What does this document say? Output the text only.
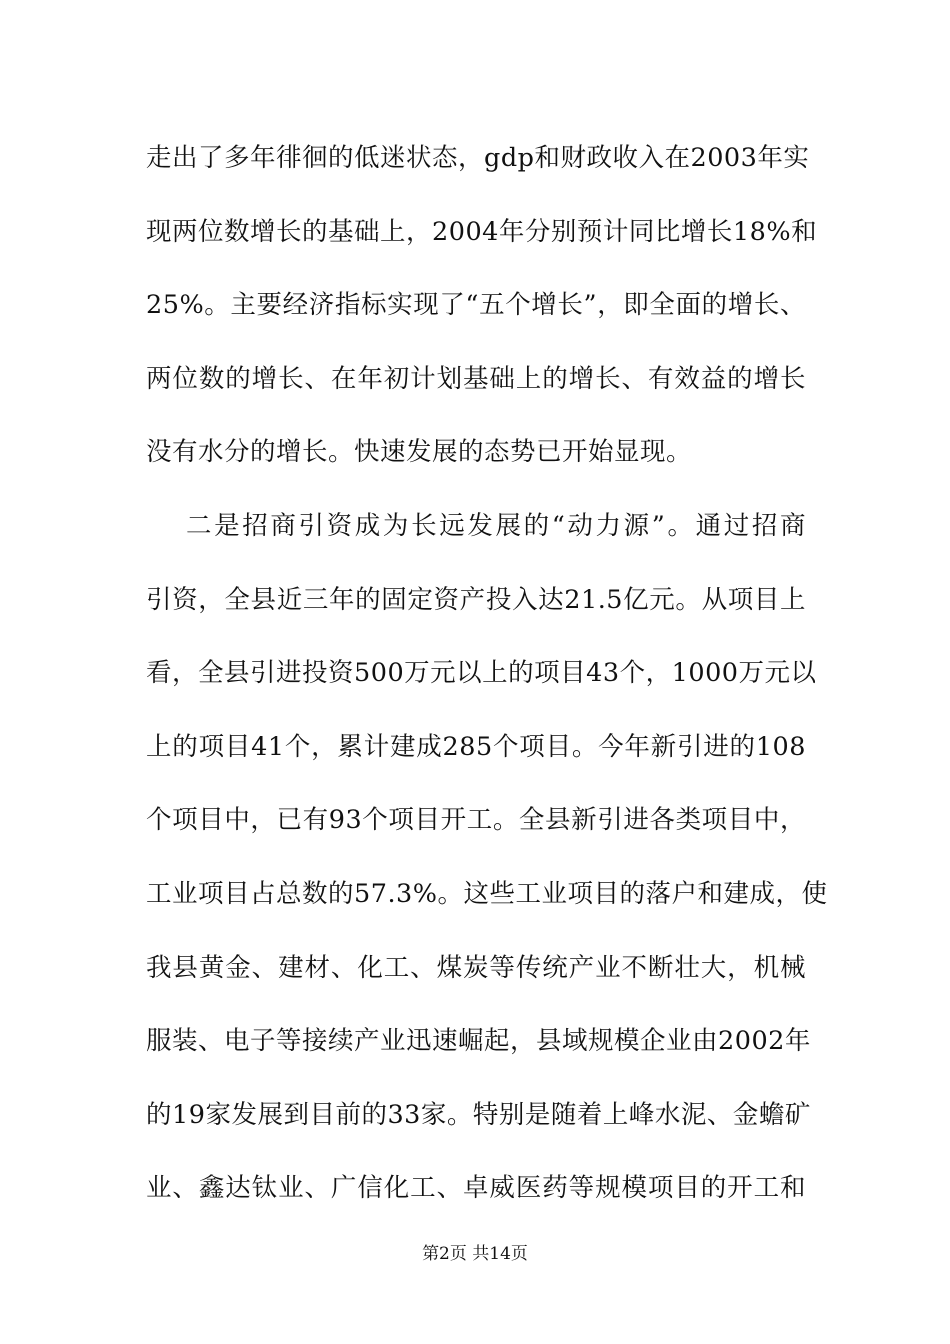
走出了多年徘徊的低迷状态，gdp和财政收入在2003年实
现两位数增长的基础上，2004年分别预计同比增长18%和
25%。主要经济指标实现了“五个增长”，即全面的增长、
两位数的增长、在年初计划基础上的增长、有效益的增长
没有水分的增长。快速发展的态势已开始显现。
二是招商引资成为长远发展的“动力源”。通过招商
引资，全县近三年的固定资产投入达21.5亿元。从项目上
看，全县引进投资500万元以上的项目43个，1000万元以
上的项目41个，累计建成285个项目。今年新引进的108
个项目中，已有93个项目开工。全县新引进各类项目中，
工业项目占总数的57.3%。这些工业项目的落户和建成，使
我县黄金、建材、化工、煤炭等传统产业不断壮大，机械
服装、电子等接续产业迅速崛起，县域规模企业由2002年
的19家发展到目前的33家。特别是随着上峰水泥、金蟾矿
业、鑫达钛业、广信化工、卓威医药等规模项目的开工和
第2页 共14页
